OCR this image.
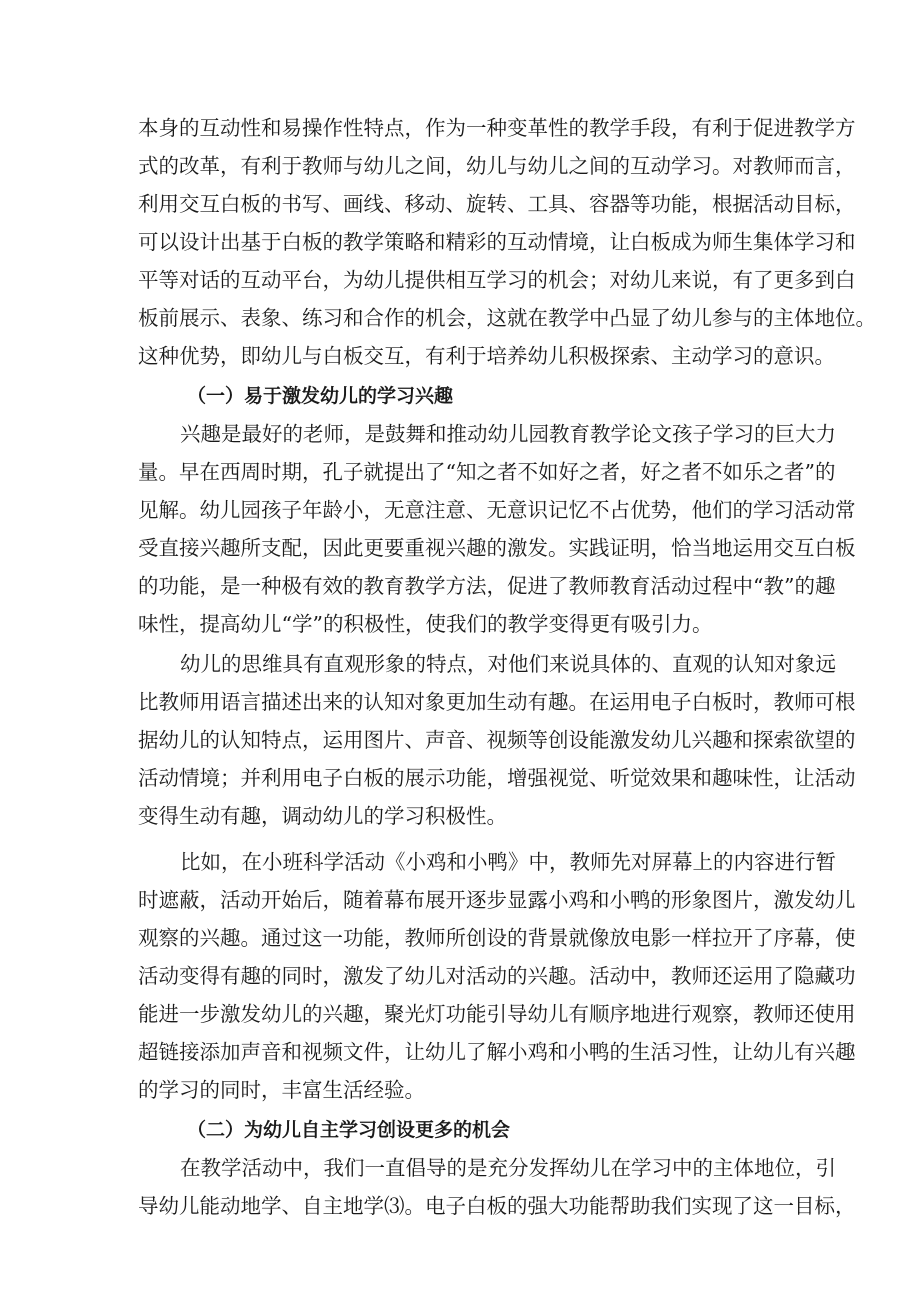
本身的互动性和易操作性特点，作为一种变革性的教学手段，有利于促进教学方
式的改革，有利于教师与幼儿之间，幼儿与幼儿之间的互动学习。对教师而言，
利用交互白板的书写、画线、移动、旋转、工具、容器等功能，根据活动目标，
可以设计出基于白板的教学策略和精彩的互动情境，让白板成为师生集体学习和
平等对话的互动平台，为幼儿提供相互学习的机会；对幼儿来说，有了更多到白
板前展示、表象、练习和合作的机会，这就在教学中凸显了幼儿参与的主体地位。
这种优势，即幼儿与白板交互，有利于培养幼儿积极探索、主动学习的意识。
（一）易于激发幼儿的学习兴趣
兴趣是最好的老师，是鼓舞和推动幼儿园教育教学论文孩子学习的巨大力
量。早在西周时期，孔子就提出了“知之者不如好之者，好之者不如乐之者”的
见解。幼儿园孩子年龄小，无意注意、无意识记忆不占优势，他们的学习活动常
受直接兴趣所支配，因此更要重视兴趣的激发。实践证明，恰当地运用交互白板
的功能，是一种极有效的教育教学方法，促进了教师教育活动过程中“教”的趣
味性，提高幼儿“学”的积极性，使我们的教学变得更有吸引力。
幼儿的思维具有直观形象的特点，对他们来说具体的、直观的认知对象远
比教师用语言描述出来的认知对象更加生动有趣。在运用电子白板时，教师可根
据幼儿的认知特点，运用图片、声音、视频等创设能激发幼儿兴趣和探索欲望的
活动情境；并利用电子白板的展示功能，增强视觉、听觉效果和趣味性，让活动
变得生动有趣，调动幼儿的学习积极性。
比如，在小班科学活动《小鸡和小鸭》中，教师先对屏幕上的内容进行暂
时遮蔽，活动开始后，随着幕布展开逐步显露小鸡和小鸭的形象图片，激发幼儿
观察的兴趣。通过这一功能，教师所创设的背景就像放电影一样拉开了序幕，使
活动变得有趣的同时，激发了幼儿对活动的兴趣。活动中，教师还运用了隐藏功
能进一步激发幼儿的兴趣，聚光灯功能引导幼儿有顺序地进行观察，教师还使用
超链接添加声音和视频文件，让幼儿了解小鸡和小鸭的生活习性，让幼儿有兴趣
的学习的同时，丰富生活经验。
（二）为幼儿自主学习创设更多的机会
在教学活动中，我们一直倡导的是充分发挥幼儿在学习中的主体地位，引
导幼儿能动地学、自主地学⑶。电子白板的强大功能帮助我们实现了这一目标，
